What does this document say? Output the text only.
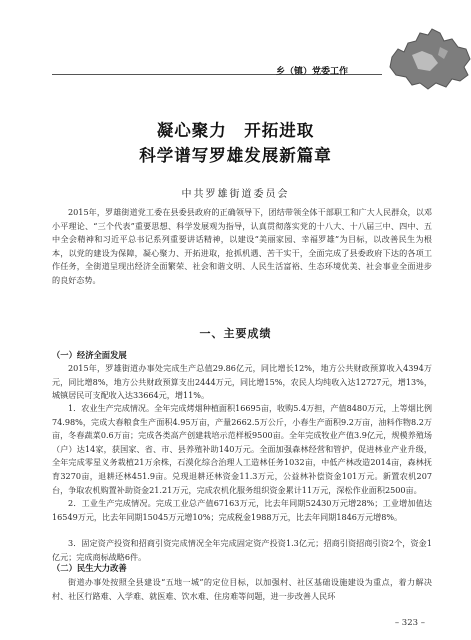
乡（镇）党委工作
凝心聚力　开拓进取
科学谱写罗雄发展新篇章
中共罗雄街道委员会

2015年，罗雄街道党工委在县委县政府的正确领导下，团结带领全体干部职工和广大人民群众，以邓小平理论、“三个代表”重要思想、科学发展观为指导，认真贯彻落实党的十八大、十八届三中、四中、五中全会精神和习近平总书记系列重要讲话精神，以建设“美丽家园、幸福罗雄”为目标，以改善民生为根本，以党的建设为保障，凝心聚力、开拓进取，抢抓机遇、苦干实干，全面完成了县委政府下达的各项工作任务，全街道呈现出经济全面繁荣、社会和谐文明、人民生活富裕、生态环境优美、社会事业全面进步的良好态势。

一、主要成绩

（一）经济全面发展

2015年，罗雄街道办事处完成生产总值29.86亿元，同比增长12%，地方公共财政预算收入4394万元，同比增8%，地方公共财政预算支出2444万元，同比增15%，农民人均纯收入达12727元，增13%，城镇居民可支配收入达33664元，增11%。

1．农业生产完成情况。全年完成烤烟种植面积16695亩，收购5.4万担，产值8480万元，上等烟比例74.98%，完成大春粮食生产面积4.95万亩，产量2662.5万公斤，小春生产面积9.2万亩，油料作物8.2万亩，冬春蔬菜0.6万亩；完成各类高产创建栽培示范样板9500亩。全年完成牧业产值3.9亿元，规模养殖场（户）达14家，获国家、省、市、县养殖补助140万元。全面加强森林经营和管护，促进林业产业升级，全年完成零星义务栽植21万余株，石漠化综合治理人工造林任务1032亩，中低产林改造2014亩，森林抚育3270亩，退耕还林451.9亩。兑现退耕还林资金11.3万元，公益林补偿资金101万元。新置农机207台，争取农机购置补助资金21.21万元，完成农机化服务组织资金累计11万元，深松作业面积2500亩。

2．工业生产完成情况。完成工业总产值67163万元，比去年同期52430万元增28%；工业增加值达16549万元，比去年同期15045万元增10%；完成税金1988万元，比去年同期1846万元增8%。

3．固定资产投资和招商引资完成情况全年完成固定资产投资1.3亿元；招商引资招商引资2个，资金1亿元；完成商标战略6件。

（二）民生大力改善

街道办事处按照全县建设“五地一城”的定位目标，以加强村、社区基础设施建设为重点，着力解决村、社区行路难、入学难、就医难、饮水难、住房难等问题，进一步改善人民环

– 323 –
